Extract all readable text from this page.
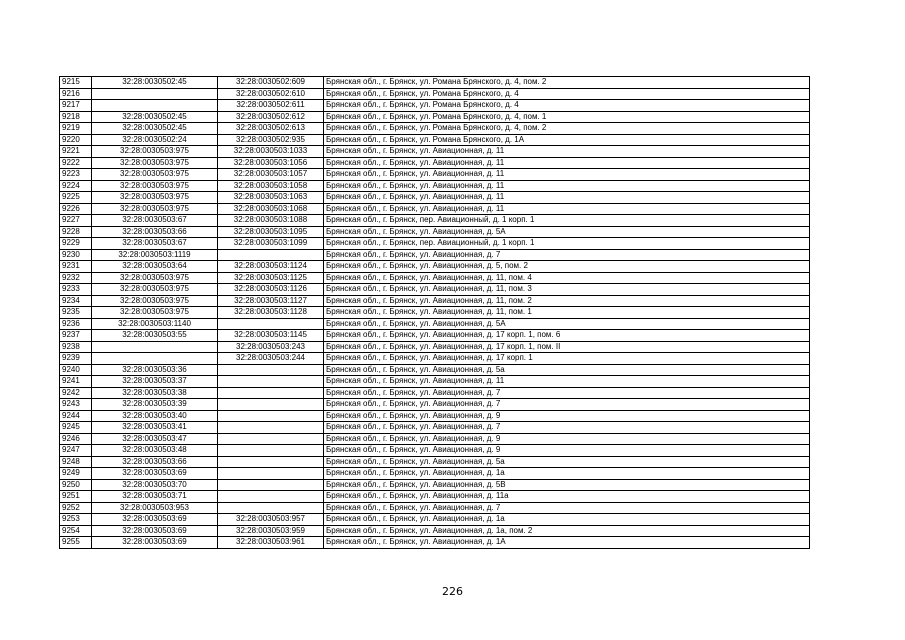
9215	32:28:0030502:45	32:28:0030502:609	Брянская обл., г. Брянск, ул. Романа Брянского, д. 4, пом. 2
9216		32:28:0030502:610	Брянская обл., г. Брянск, ул. Романа Брянского, д. 4
9217		32:28:0030502:611	Брянская обл., г. Брянск, ул. Романа Брянского, д. 4
9218	32:28:0030502:45	32:28:0030502:612	Брянская обл., г. Брянск, ул. Романа Брянского, д. 4, пом. 1
9219	32:28:0030502:45	32:28:0030502:613	Брянская обл., г. Брянск, ул. Романа Брянского, д. 4, пом. 2
9220	32:28:0030502:24	32:28:0030502:935	Брянская обл., г. Брянск, ул. Романа Брянского, д. 1А
9221	32:28:0030503:975	32:28:0030503:1033	Брянская обл., г. Брянск, ул. Авиационная, д. 11
9222	32:28:0030503:975	32:28:0030503:1056	Брянская обл., г. Брянск, ул. Авиационная, д. 11
9223	32:28:0030503:975	32:28:0030503:1057	Брянская обл., г. Брянск, ул. Авиационная, д. 11
9224	32:28:0030503:975	32:28:0030503:1058	Брянская обл., г. Брянск, ул. Авиационная, д. 11
9225	32:28:0030503:975	32:28:0030503:1063	Брянская обл., г. Брянск, ул. Авиационная, д. 11
9226	32:28:0030503:975	32:28:0030503:1068	Брянская обл., г. Брянск, ул. Авиационная, д. 11
9227	32:28:0030503:67	32:28:0030503:1088	Брянская обл., г. Брянск, пер. Авиационный, д. 1 корп. 1
9228	32:28:0030503:66	32:28:0030503:1095	Брянская обл., г. Брянск, ул. Авиационная, д. 5А
9229	32:28:0030503:67	32:28:0030503:1099	Брянская обл., г. Брянск, пер. Авиационный, д. 1 корп. 1
9230	32:28:0030503:1119		Брянская обл., г. Брянск, ул. Авиационная, д. 7
9231	32:28:0030503:64	32:28:0030503:1124	Брянская обл., г. Брянск, ул. Авиационная, д. 5, пом. 2
9232	32:28:0030503:975	32:28:0030503:1125	Брянская обл., г. Брянск, ул. Авиационная, д. 11, пом. 4
9233	32:28:0030503:975	32:28:0030503:1126	Брянская обл., г. Брянск, ул. Авиационная, д. 11, пом. 3
9234	32:28:0030503:975	32:28:0030503:1127	Брянская обл., г. Брянск, ул. Авиационная, д. 11, пом. 2
9235	32:28:0030503:975	32:28:0030503:1128	Брянская обл., г. Брянск, ул. Авиационная, д. 11, пом. 1
9236	32:28:0030503:1140		Брянская обл., г. Брянск, ул. Авиационная, д. 5А
9237	32:28:0030503:55	32:28:0030503:1145	Брянская обл., г. Брянск, ул. Авиационная, д. 17 корп. 1, пом. 6
9238		32:28:0030503:243	Брянская обл., г. Брянск, ул. Авиационная, д. 17 корп. 1, пом. II
9239		32:28:0030503:244	Брянская обл., г. Брянск, ул. Авиационная, д. 17 корп. 1
9240	32:28:0030503:36		Брянская обл., г. Брянск, ул. Авиационная, д. 5а
9241	32:28:0030503:37		Брянская обл., г. Брянск, ул. Авиационная, д. 11
9242	32:28:0030503:38		Брянская обл., г. Брянск, ул. Авиационная, д. 7
9243	32:28:0030503:39		Брянская обл., г. Брянск, ул. Авиационная, д. 7
9244	32:28:0030503:40		Брянская обл., г. Брянск, ул. Авиационная, д. 9
9245	32:28:0030503:41		Брянская обл., г. Брянск, ул. Авиационная, д. 7
9246	32:28:0030503:47		Брянская обл., г. Брянск, ул. Авиационная, д. 9
9247	32:28:0030503:48		Брянская обл., г. Брянск, ул. Авиационная, д. 9
9248	32:28:0030503:66		Брянская обл., г. Брянск, ул. Авиационная, д. 5а
9249	32:28:0030503:69		Брянская обл., г. Брянск, ул. Авиационная, д. 1а
9250	32:28:0030503:70		Брянская обл., г. Брянск, ул. Авиационная, д. 5В
9251	32:28:0030503:71		Брянская обл., г. Брянск, ул. Авиационная, д. 11а
9252	32:28:0030503:953		Брянская обл., г. Брянск, ул. Авиационная, д. 7
9253	32:28:0030503:69	32:28:0030503:957	Брянская обл., г. Брянск, ул. Авиационная, д. 1а
9254	32:28:0030503:69	32:28:0030503:959	Брянская обл., г. Брянск, ул. Авиационная, д. 1а, пом. 2
9255	32:28:0030503:69	32:28:0030503:961	Брянская обл., г. Брянск, ул. Авиационная, д. 1А
226
